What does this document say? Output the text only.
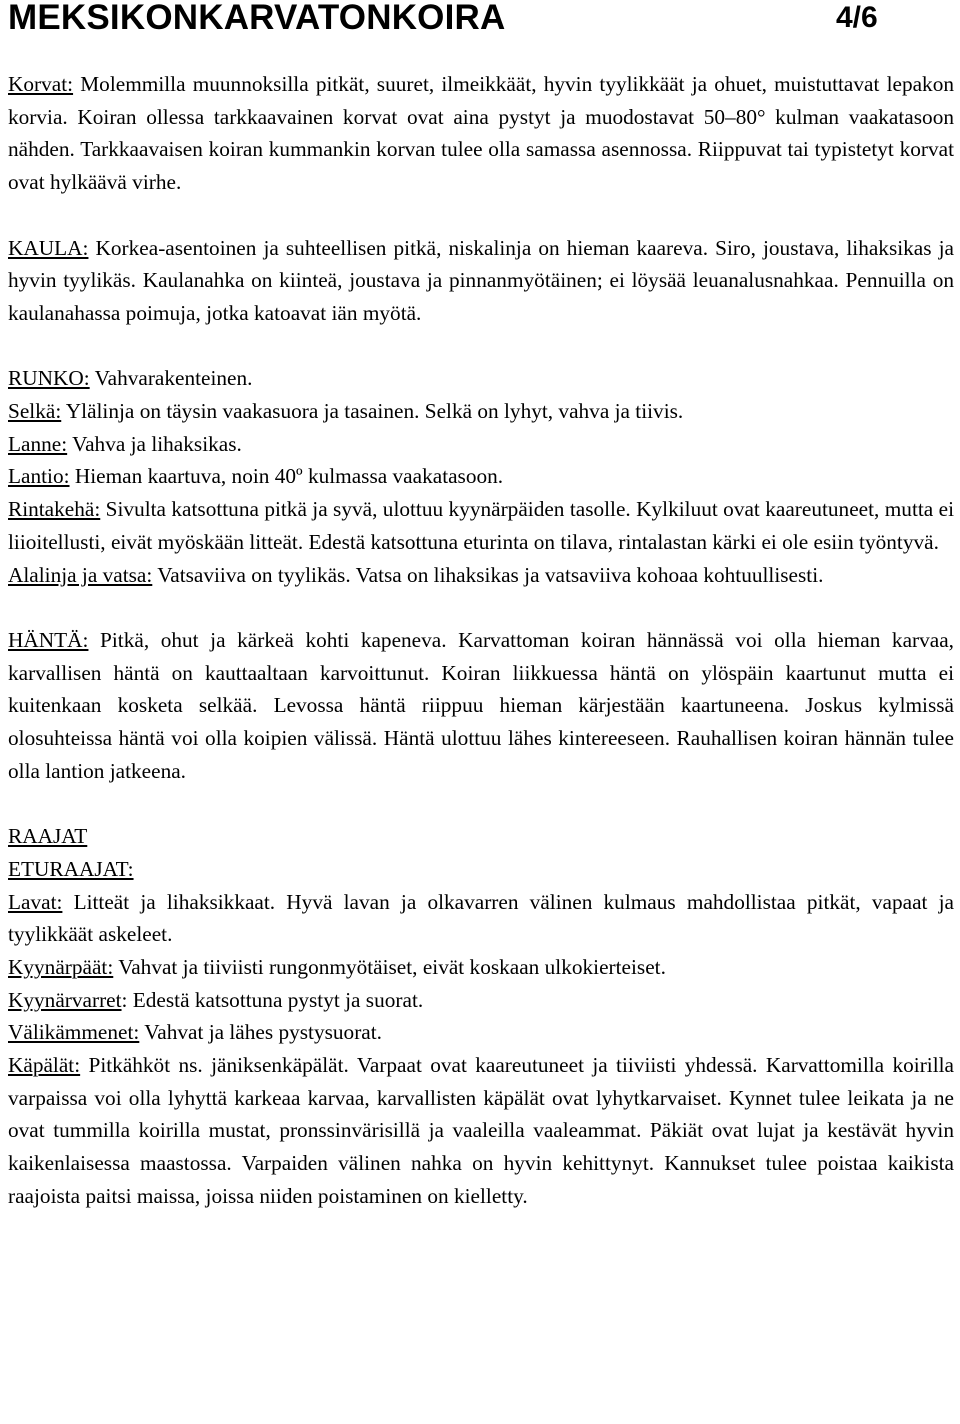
MEKSIKONKARVATONKOIRA	4/6

Korvat: Molemmilla muunnoksilla pitkät, suuret, ilmeikkäät, hyvin tyylikkäät ja ohuet, muistuttavat lepakon korvia. Koiran ollessa tarkkaavainen korvat ovat aina pystyt ja muodostavat 50–80° kulman vaakatasoon nähden. Tarkkaavaisen koiran kummankin korvan tulee olla samassa asennossa. Riippuvat tai typistetyt korvat ovat hylkäävä virhe.

KAULA: Korkea-asentoinen ja suhteellisen pitkä, niskalinja on hieman kaareva. Siro, joustava, lihaksikas ja hyvin tyylikäs. Kaulanahka on kiinteä, joustava ja pinnanmyötäinen; ei löysää leuanalusnahkaa. Pennuilla on kaulanahassa poimuja, jotka katoavat iän myötä.

RUNKO: Vahvarakenteinen.

Selkä: Ylälinja on täysin vaakasuora ja tasainen. Selkä on lyhyt, vahva ja tiivis.

Lanne: Vahva ja lihaksikas.

Lantio: Hieman kaartuva, noin 40º kulmassa vaakatasoon.

Rintakehä: Sivulta katsottuna pitkä ja syvä, ulottuu kyynärpäiden tasolle. Kylkiluut ovat kaareutuneet, mutta ei liioitellusti, eivät myöskään litteät. Edestä katsottuna eturinta on tilava, rintalastan kärki ei ole esiin työntyvä.

Alalinja ja vatsa: Vatsaviiva on tyylikäs. Vatsa on lihaksikas ja vatsaviiva kohoaa kohtuullisesti.

HÄNTÄ: Pitkä, ohut ja kärkeä kohti kapeneva. Karvattoman koiran hännässä voi olla hieman karvaa, karvallisen häntä on kauttaaltaan karvoittunut. Koiran liikkuessa häntä on ylöspäin kaartunut mutta ei kuitenkaan kosketa selkää. Levossa häntä riippuu hieman kärjestään kaartuneena. Joskus kylmissä olosuhteissa häntä voi olla koipien välissä. Häntä ulottuu lähes kintereeseen. Rauhallisen koiran hännän tulee olla lantion jatkeena.

RAAJAT

ETURAAJAT:

Lavat: Litteät ja lihaksikkaat. Hyvä lavan ja olkavarren välinen kulmaus mahdollistaa pitkät, vapaat ja tyylikkäät askeleet.

Kyynärpäät: Vahvat ja tiiviisti rungonmyötäiset, eivät koskaan ulkokierteiset.

Kyynärvarret: Edestä katsottuna pystyt ja suorat.

Välikämmenet: Vahvat ja lähes pystysuorat.

Käpälät: Pitkähköt ns. jäniksenkäpälät. Varpaat ovat kaareutuneet ja tiiviisti yhdessä. Karvattomilla koirilla varpaissa voi olla lyhyttä karkeaa karvaa, karvallisten käpälät ovat lyhytkarvaiset. Kynnet tulee leikata ja ne ovat tummilla koirilla mustat, pronssinvärisillä ja vaaleilla vaaleammat. Päkiät ovat lujat ja kestävät hyvin kaikenlaisessa maastossa. Varpaiden välinen nahka on hyvin kehittynyt. Kannukset tulee poistaa kaikista raajoista paitsi maissa, joissa niiden poistaminen on kielletty.
